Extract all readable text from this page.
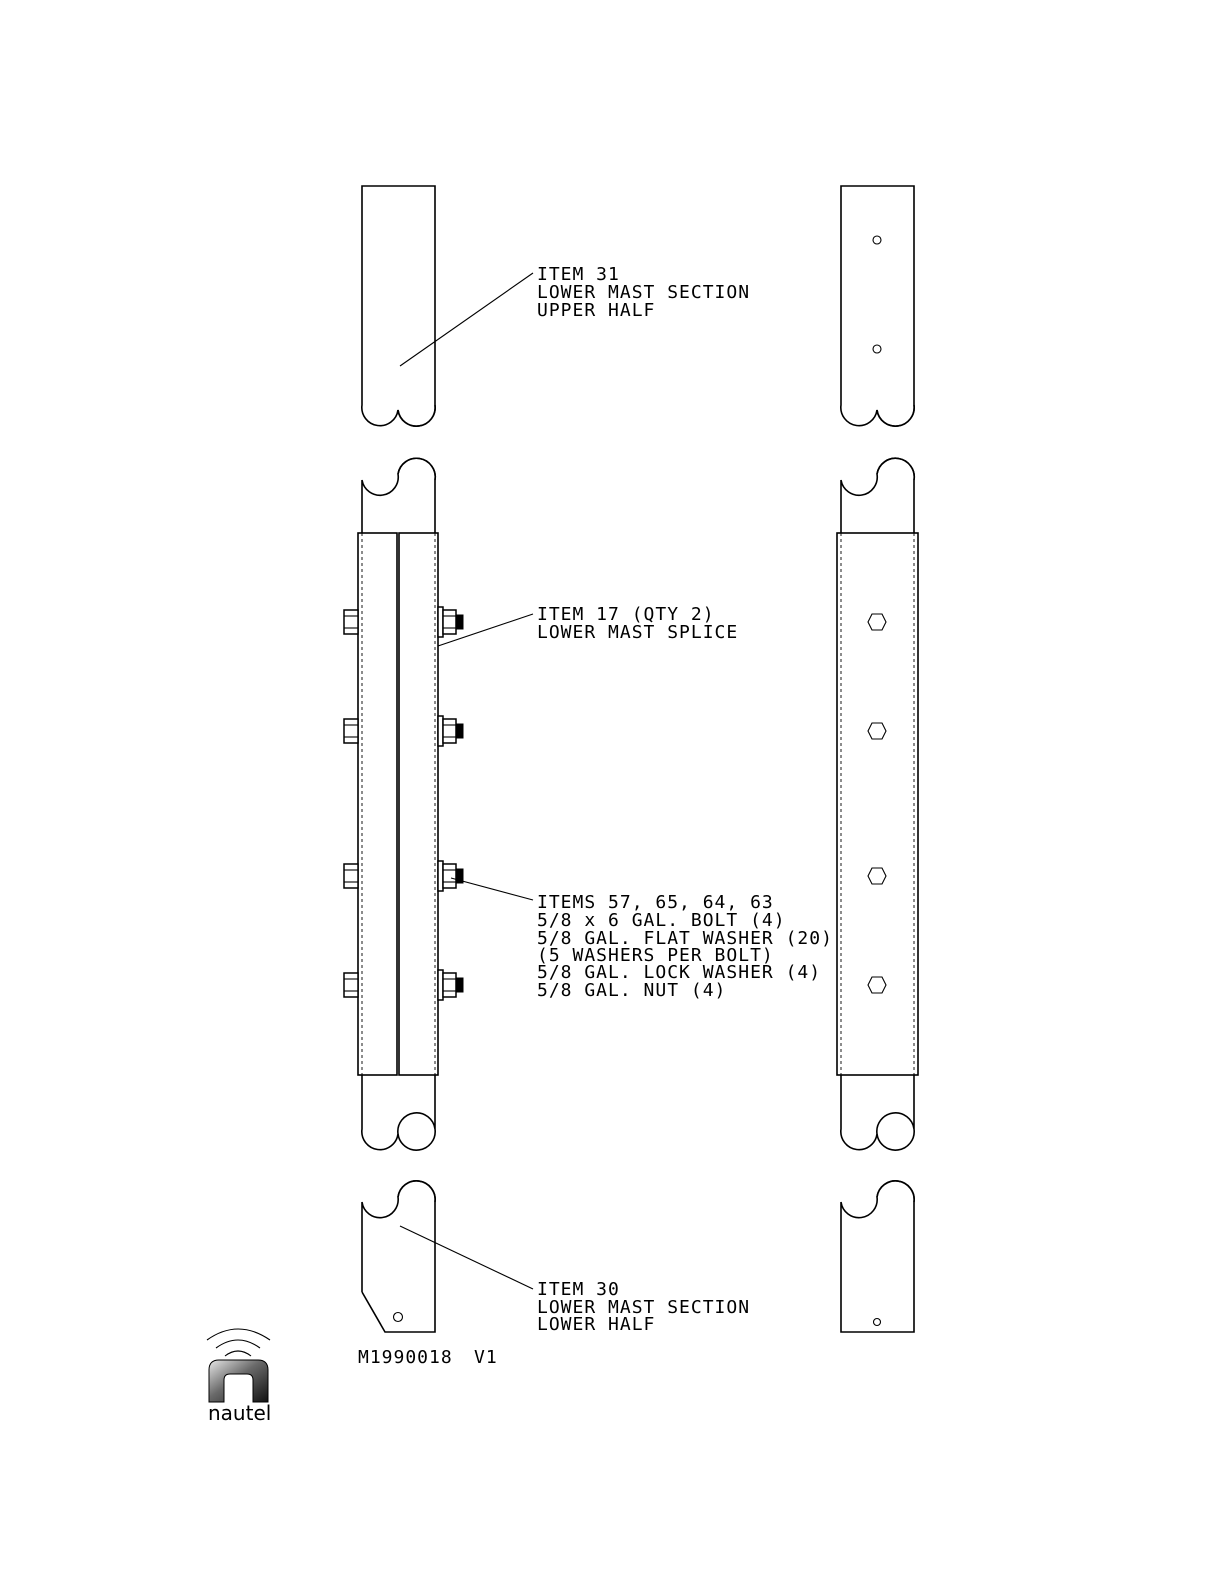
ITEM 31
LOWER MAST SECTION
UPPER HALF
ITEM 17 (QTY 2)
LOWER MAST SPLICE
ITEMS 57, 65, 64, 63
5/8 x 6 GAL. BOLT (4)
5/8 GAL. FLAT WASHER (20)
(5 WASHERS PER BOLT)
5/8 GAL. LOCK WASHER (4)
5/8 GAL. NUT (4)
ITEM 30
LOWER MAST SECTION
LOWER HALF
M1990018 V1
nautel
